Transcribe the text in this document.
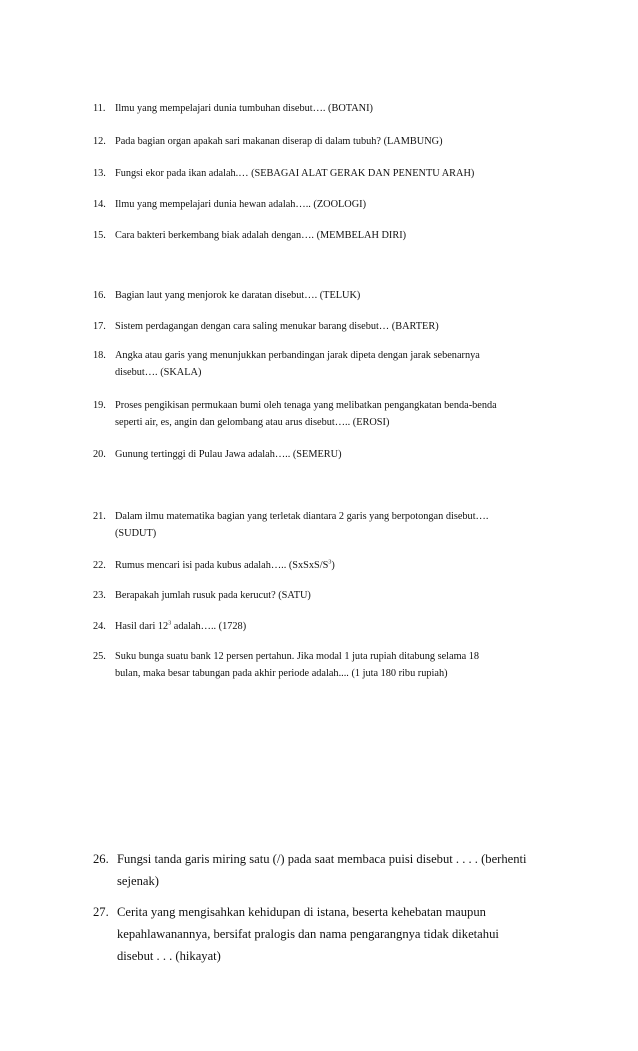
11. Ilmu yang mempelajari dunia tumbuhan disebut…. (BOTANI)
12. Pada bagian organ apakah sari makanan diserap di dalam tubuh? (LAMBUNG)
13. Fungsi ekor pada ikan adalah.… (SEBAGAI ALAT GERAK DAN PENENTU ARAH)
14. Ilmu yang mempelajari dunia hewan adalah….. (ZOOLOGI)
15. Cara bakteri berkembang biak adalah dengan…. (MEMBELAH DIRI)
16. Bagian laut yang menjorok ke daratan disebut…. (TELUK)
17. Sistem perdagangan dengan cara saling menukar barang disebut… (BARTER)
18. Angka atau garis yang menunjukkan perbandingan jarak dipeta dengan jarak sebenarnya
disebut…. (SKALA)
19. Proses pengikisan permukaan bumi oleh tenaga yang melibatkan pengangkatan benda-benda
seperti air, es, angin dan gelombang atau arus disebut….. (EROSI)
20. Gunung tertinggi di Pulau Jawa adalah….. (SEMERU)
21. Dalam ilmu matematika bagian yang terletak diantara 2 garis yang berpotongan disebut….
(SUDUT)
22. Rumus mencari isi pada kubus adalah….. $(SxSxS/S^3)$
23. Berapakah jumlah rusuk pada kerucut? (SATU)
24. Hasil dari $12^3$ adalah….. (1728)
25. Suku bunga suatu bank 12 persen pertahun. Jika modal 1 juta rupiah ditabung selama 18
bulan, maka besar tabungan pada akhir periode adalah.... (1 juta 180 ribu rupiah)
26. Fungsi tanda garis miring satu (/) pada saat membaca puisi disebut . . . . (berhenti
sejenak)
27. Cerita yang mengisahkan kehidupan di istana, beserta kehebatan maupun
kepahlawanannya, bersifat pralogis dan nama pengarangnya tidak diketahui
disebut . . . (hikayat)
